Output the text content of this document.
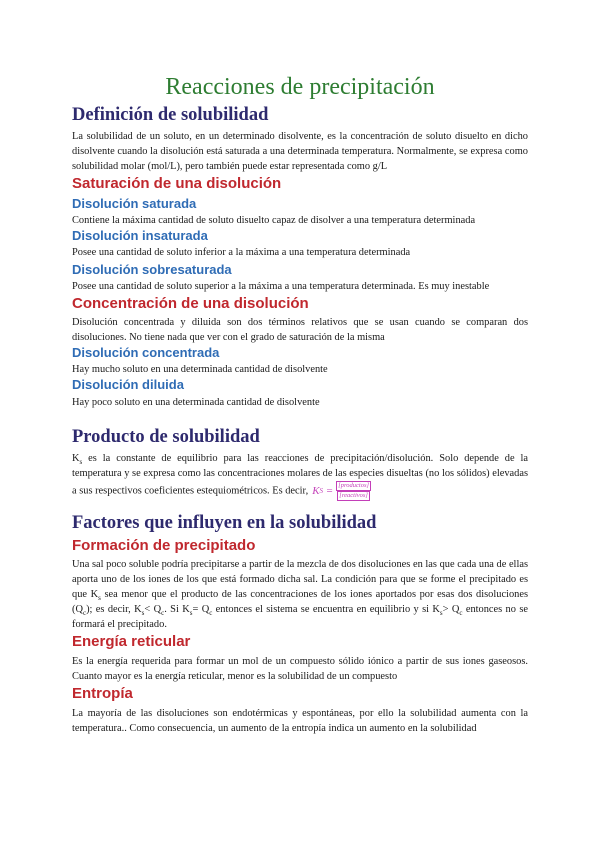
Reacciones de precipitación
Definición de solubilidad

La solubilidad de un soluto, en un determinado disolvente, es la concentración de soluto disuelto en dicho disolvente cuando la disolución está saturada a una determinada temperatura. Normalmente, se expresa como solubilidad molar (mol/L), pero también puede estar representada como g/L

Saturación de una disolución
Disolución saturada

Contiene la máxima cantidad de soluto disuelto capaz de disolver a una temperatura determinada

Disolución insaturada

Posee una cantidad de soluto inferior a la máxima a una temperatura determinada

Disolución sobresaturada

Posee una cantidad de soluto superior a la máxima a una temperatura determinada. Es muy inestable

Concentración de una disolución

Disolución concentrada y diluida son dos términos relativos que se usan cuando se comparan dos disoluciones. No tiene nada que ver con el grado de saturación de la misma

Disolución concentrada

Hay mucho soluto en una determinada cantidad de disolvente

Disolución diluida

Hay poco soluto en una determinada cantidad de disolvente

Producto de solubilidad

$K_s$ es la constante de equilibrio para las reacciones de precipitación/disolución. Solo depende de la temperatura y se expresa como las concentraciones molares de las especies disueltas (no los sólidos) elevadas a sus respectivos coeficientes estequiométricos. Es decir, K S
= $\frac{\text{[productos]}}{\text{[reactivos]}}$

Factores que influyen en la solubilidad
Formación de precipitado

Una sal poco soluble podría precipitarse a partir de la mezcla de dos disoluciones en las que cada una de ellas aporta uno de los iones de los que está formado dicha sal. La condición para que se forme el precipitado es que $K_s$ sea menor que el producto de las concentraciones de los iones aportados por esas dos disoluciones $(Q_c)$; es decir, $K_s< Q_c$. Si $K_s= Q_c$ entonces el sistema se encuentra en equilibrio y si $K_s> Q_c$ entonces no se formará el precipitado.

Energía reticular

Es la energía requerida para formar un mol de un compuesto sólido iónico a partir de sus iones gaseosos. Cuanto mayor es la energía reticular, menor es la solubilidad de un compuesto

Entropía

La mayoría de las disoluciones son endotérmicas y espontáneas, por ello la solubilidad aumenta con la temperatura.. Como consecuencia, un aumento de la entropía indica un aumento en la solubilidad
